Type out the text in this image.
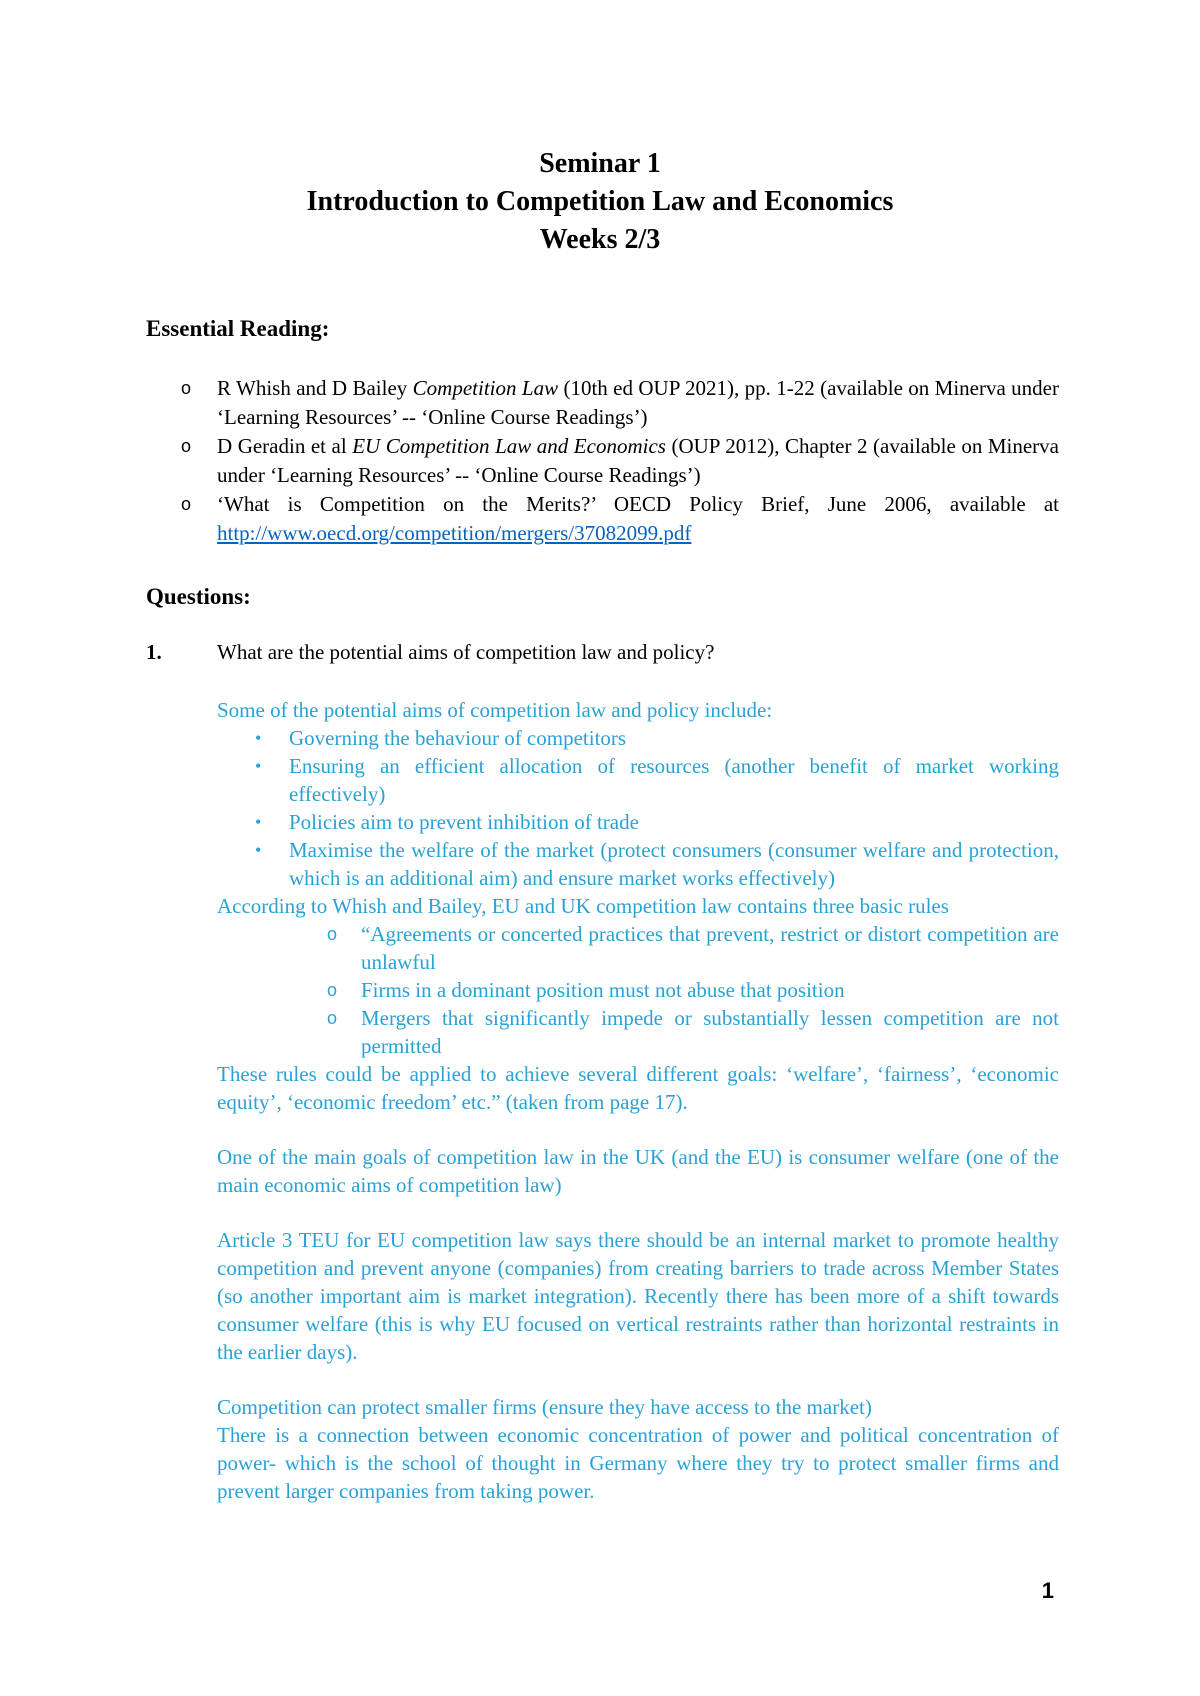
Seminar 1
Introduction to Competition Law and Economics
Weeks 2/3
Essential Reading:
o R Whish and D Bailey Competition Law (10th ed OUP 2021), pp. 1-22 (available on Minerva under ‘Learning Resources’ -- ‘Online Course Readings’)
o D Geradin et al EU Competition Law and Economics (OUP 2012), Chapter 2 (available on Minerva under ‘Learning Resources’ -- ‘Online Course Readings’)
o ‘What is Competition on the Merits?’ OECD Policy Brief, June 2006, available at http://www.oecd.org/competition/mergers/37082099.pdf
Questions:
1.	What are the potential aims of competition law and policy?
Some of the potential aims of competition law and policy include:
• Governing the behaviour of competitors
• Ensuring an efficient allocation of resources (another benefit of market working effectively)
• Policies aim to prevent inhibition of trade
• Maximise the welfare of the market (protect consumers (consumer welfare and protection, which is an additional aim) and ensure market works effectively)
According to Whish and Bailey, EU and UK competition law contains three basic rules
o “Agreements or concerted practices that prevent, restrict or distort competition are unlawful
o Firms in a dominant position must not abuse that position
o Mergers that significantly impede or substantially lessen competition are not permitted
These rules could be applied to achieve several different goals: ‘welfare’, ‘fairness’, ‘economic equity’, ‘economic freedom’ etc.” (taken from page 17).
One of the main goals of competition law in the UK (and the EU) is consumer welfare (one of the main economic aims of competition law)
Article 3 TEU for EU competition law says there should be an internal market to promote healthy competition and prevent anyone (companies) from creating barriers to trade across Member States (so another important aim is market integration). Recently there has been more of a shift towards consumer welfare (this is why EU focused on vertical restraints rather than horizontal restraints in the earlier days).
Competition can protect smaller firms (ensure they have access to the market)
There is a connection between economic concentration of power and political concentration of power- which is the school of thought in Germany where they try to protect smaller firms and prevent larger companies from taking power.
1
